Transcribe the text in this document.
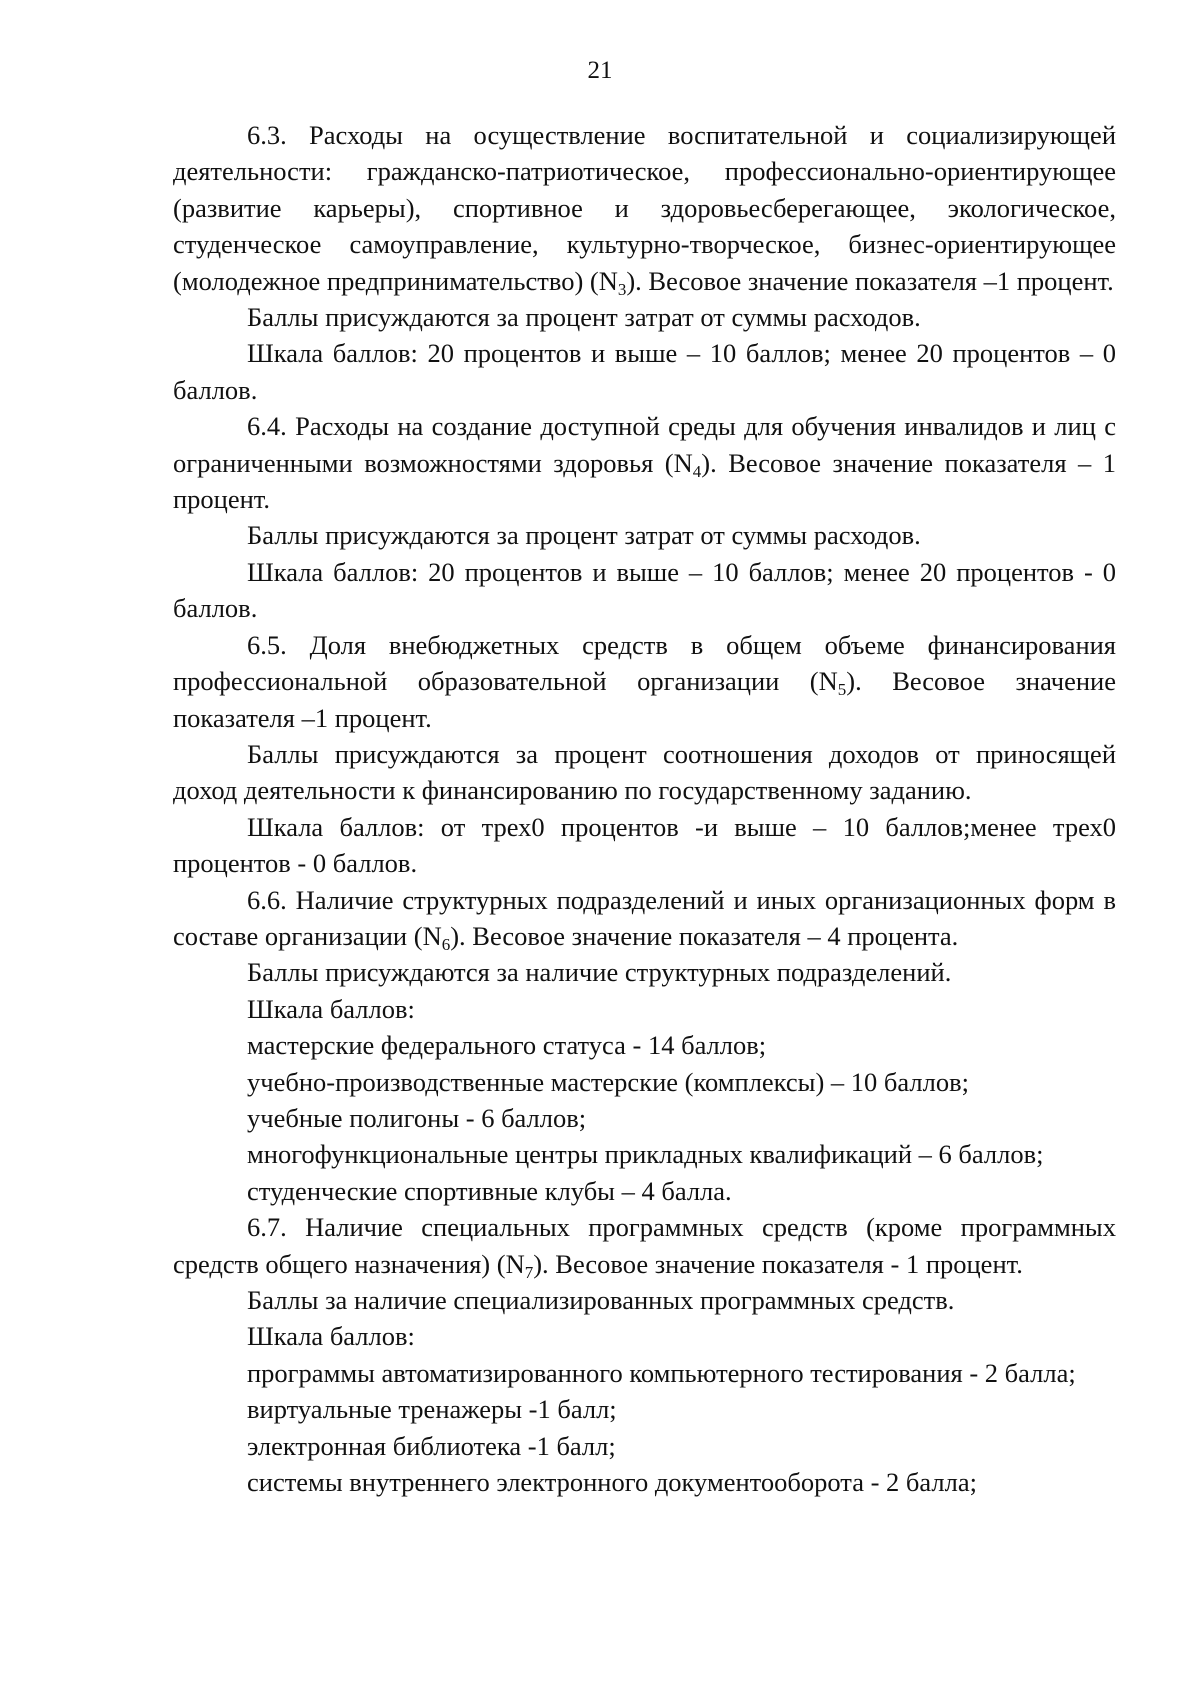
21

6.3. Расходы на осуществление воспитательной и социализирующей деятельности: гражданско-патриотическое, профессионально-ориентирующее (развитие карьеры), спортивное и здоровьесберегающее, экологическое, студенческое самоуправление, культурно-творческое, бизнес-ориентирующее (молодежное предпринимательство) $(N_3)$. Весовое значение показателя –1 процент.

Баллы присуждаются за процент затрат от суммы расходов.

Шкала баллов: 20 процентов и выше – 10 баллов; менее 20 процентов – 0 баллов.

6.4. Расходы на создание доступной среды для обучения инвалидов и лиц с ограниченными возможностями здоровья $(N_4)$. Весовое значение показателя – 1 процент.

Баллы присуждаются за процент затрат от суммы расходов.

Шкала баллов: 20 процентов и выше – 10 баллов; менее 20 процентов - 0 баллов.

6.5. Доля внебюджетных средств в общем объеме финансирования профессиональной образовательной организации $(N_5)$. Весовое значение показателя –1 процент.

Баллы присуждаются за процент соотношения доходов от приносящей доход деятельности к финансированию по государственному заданию.

Шкала баллов: от трех0 процентов -и выше – 10 баллов;менее трех0 процентов - 0 баллов.

6.6. Наличие структурных подразделений и иных организационных форм в составе организации $(N_6)$. Весовое значение показателя – 4 процента.

Баллы присуждаются за наличие структурных подразделений.

Шкала баллов:

мастерские федерального статуса - 14 баллов;

учебно-производственные мастерские (комплексы) – 10 баллов;

учебные полигоны - 6 баллов;

многофункциональные центры прикладных квалификаций – 6 баллов;

студенческие спортивные клубы – 4 балла.

6.7. Наличие специальных программных средств (кроме программных средств общего назначения) $(N_7)$. Весовое значение показателя - 1 процент.

Баллы за наличие специализированных программных средств.

Шкала баллов:

программы автоматизированного компьютерного тестирования - 2 балла;

виртуальные тренажеры -1 балл;

электронная библиотека -1 балл;

системы внутреннего электронного документооборота - 2 балла;
